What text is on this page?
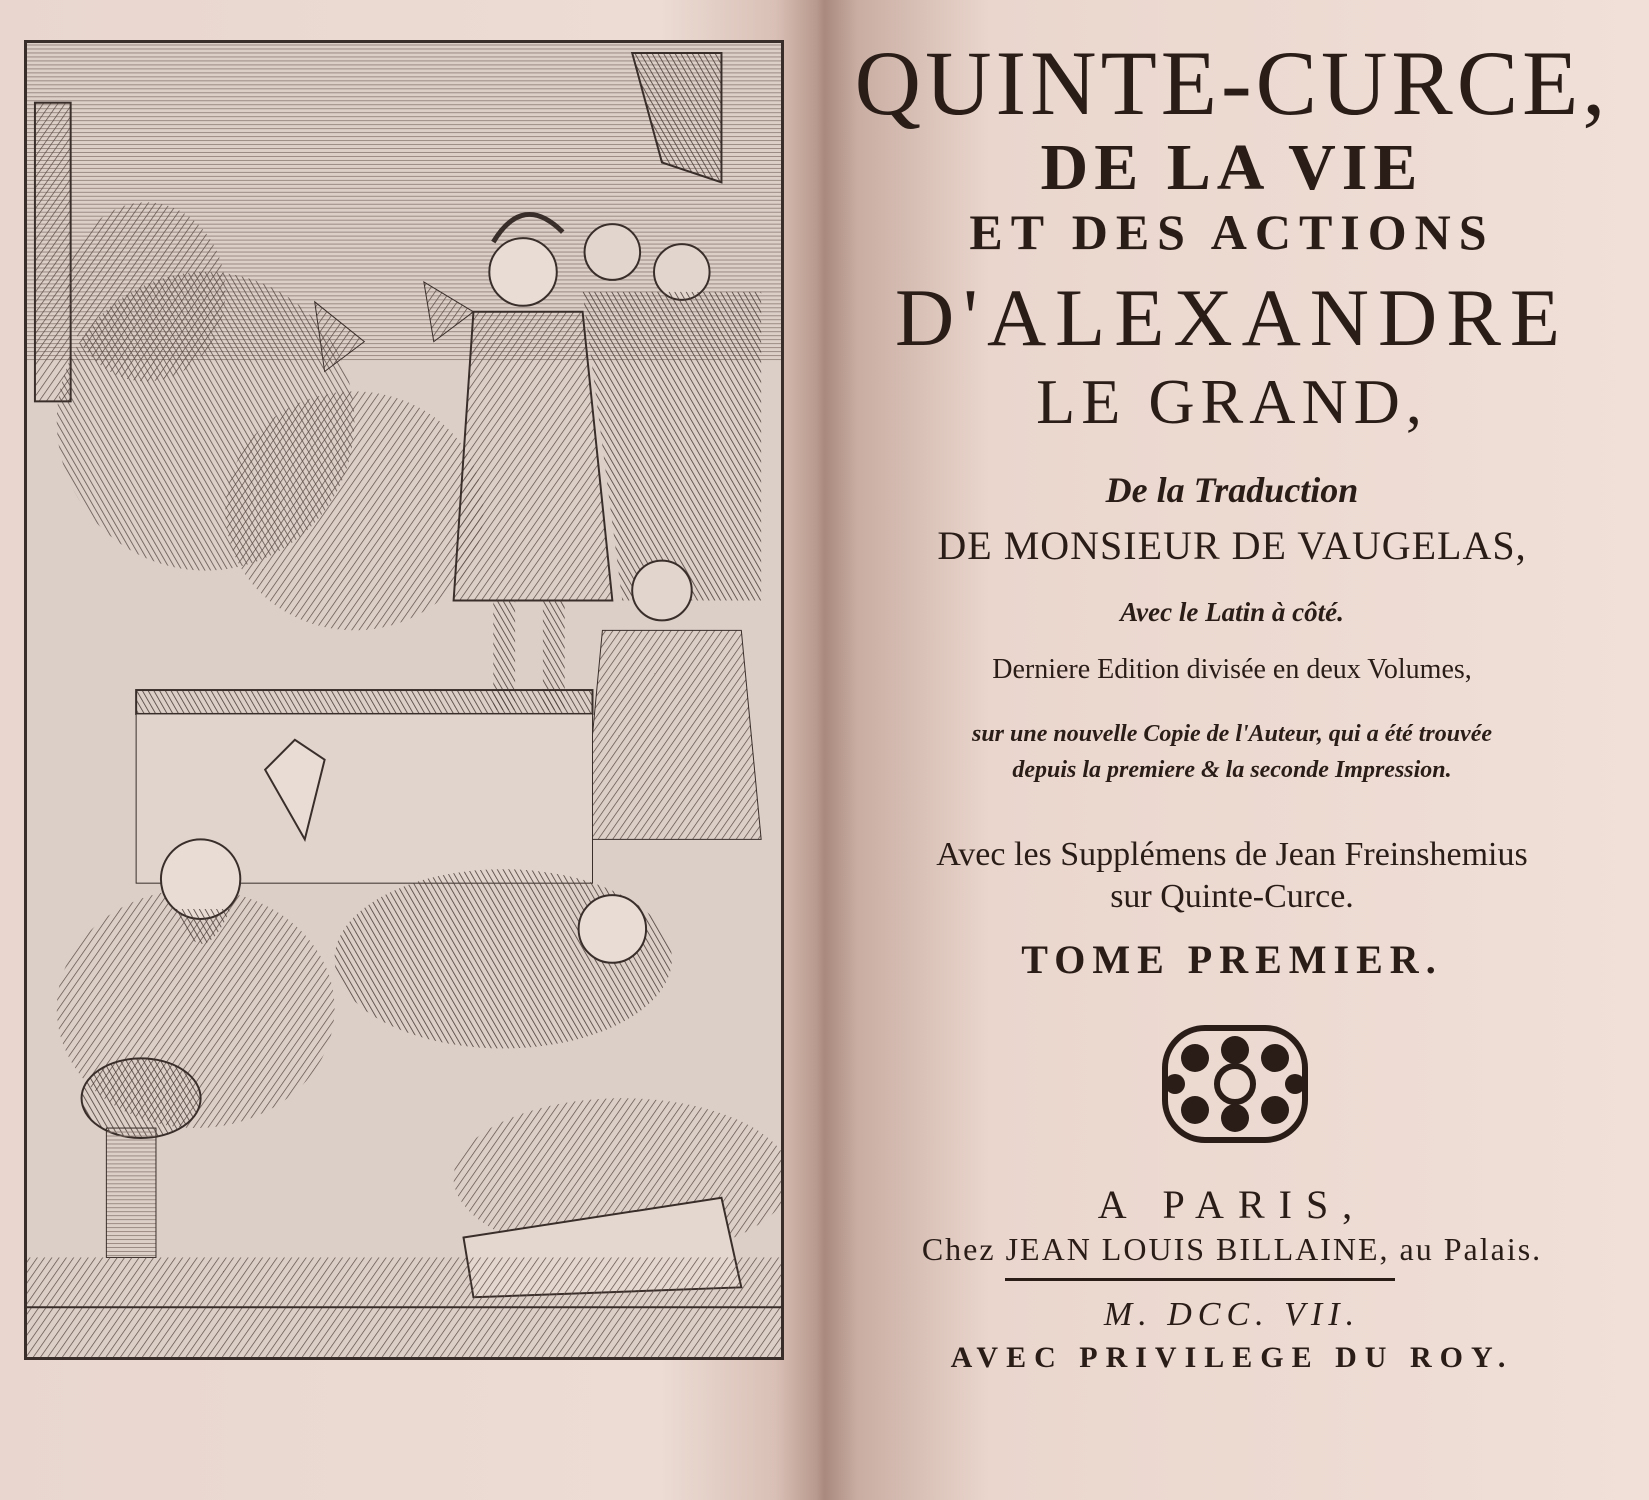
QUINTE-CURCE,
DE LA VIE
ET DES ACTIONS
D'ALEXANDRE
LE GRAND,
De la Traduction
DE MONSIEUR DE VAUGELAS,
Avec le Latin à côté.
Derniere Edition divisée en deux Volumes,
sur une nouvelle Copie de l'Auteur, qui a été trouvée
depuis la premiere & la seconde Impression.
Avec les Supplémens de Jean Freinshemius
sur Quinte-Curce.
TOME PREMIER.
A PARIS,
Chez JEAN LOUIS BILLAINE, au Palais.
M. DCC. VII.
AVEC PRIVILEGE DU ROY.
